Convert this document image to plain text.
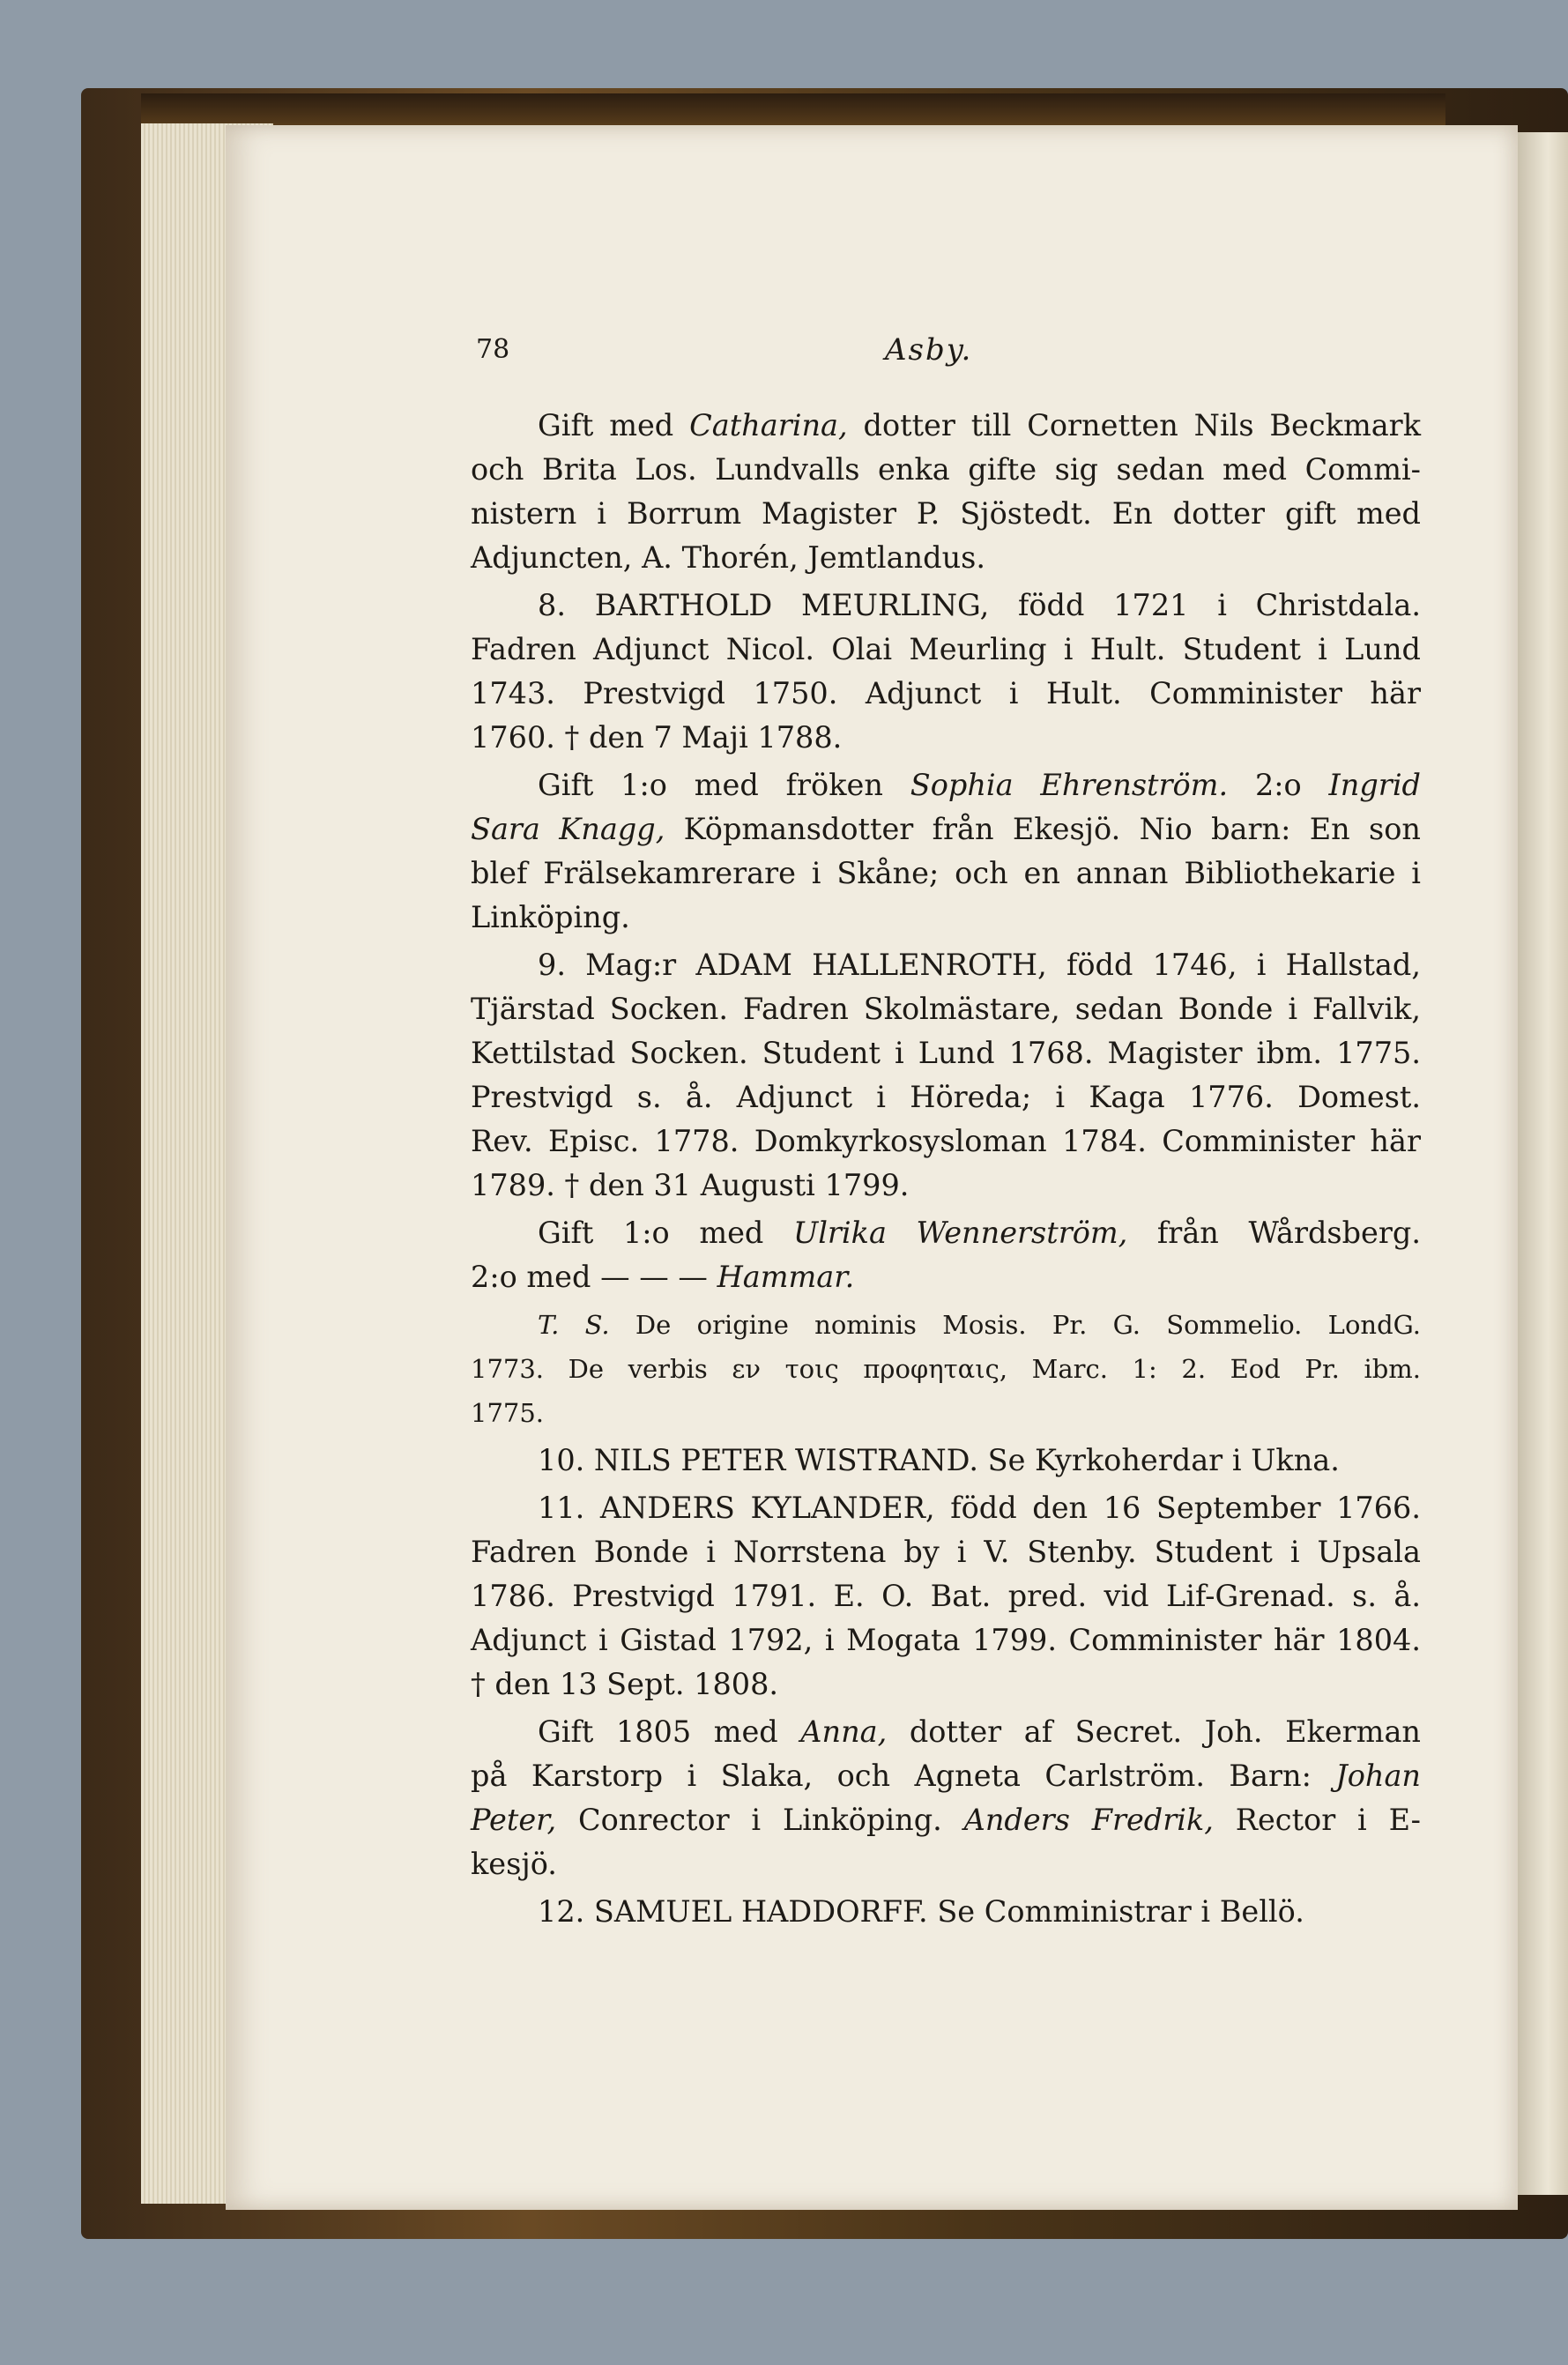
78	Asby.
Gift med Catharina, dotter till Cornetten Nils Beckmark
och Brita Los. Lundvalls enka gifte sig sedan med Commi-
nistern i Borrum Magister P. Sjöstedt. En dotter gift med
Adjuncten, A. Thorén, Jemtlandus.
8. BARTHOLD MEURLING, född 1721 i Christdala.
Fadren Adjunct Nicol. Olai Meurling i Hult. Student i Lund
1743. Prestvigd 1750. Adjunct i Hult. Comminister här
1760. † den 7 Maji 1788.
Gift 1:o med fröken Sophia Ehrenström. 2:o Ingrid
Sara Knagg, Köpmansdotter från Ekesjö. Nio barn: En son
blef Frälsekamrerare i Skåne; och en annan Bibliothekarie i
Linköping.
9. Mag:r ADAM HALLENROTH, född 1746, i Hallstad,
Tjärstad Socken. Fadren Skolmästare, sedan Bonde i Fallvik,
Kettilstad Socken. Student i Lund 1768. Magister ibm. 1775.
Prestvigd s. å. Adjunct i Höreda; i Kaga 1776. Domest.
Rev. Episc. 1778. Domkyrkosysloman 1784. Comminister här
1789. † den 31 Augusti 1799.
Gift 1:o med Ulrika Wennerström, från Wårdsberg.
2:o med — — — Hammar.
T. S. De origine nominis Mosis. Pr. G. Sommelio. LondG.
1773. De verbis εν τοις προφηταις, Marc. 1: 2. Eod Pr. ibm.
1775.
10. NILS PETER WISTRAND. Se Kyrkoherdar i Ukna.
11. ANDERS KYLANDER, född den 16 September 1766.
Fadren Bonde i Norrstena by i V. Stenby. Student i Upsala
1786. Prestvigd 1791. E. O. Bat. pred. vid Lif-Grenad. s. å.
Adjunct i Gistad 1792, i Mogata 1799. Comminister här 1804.
† den 13 Sept. 1808.
Gift 1805 med Anna, dotter af Secret. Joh. Ekerman
på Karstorp i Slaka, och Agneta Carlström. Barn: Johan
Peter, Conrector i Linköping. Anders Fredrik, Rector i E-
kesjö.
12. SAMUEL HADDORFF. Se Comministrar i Bellö.
